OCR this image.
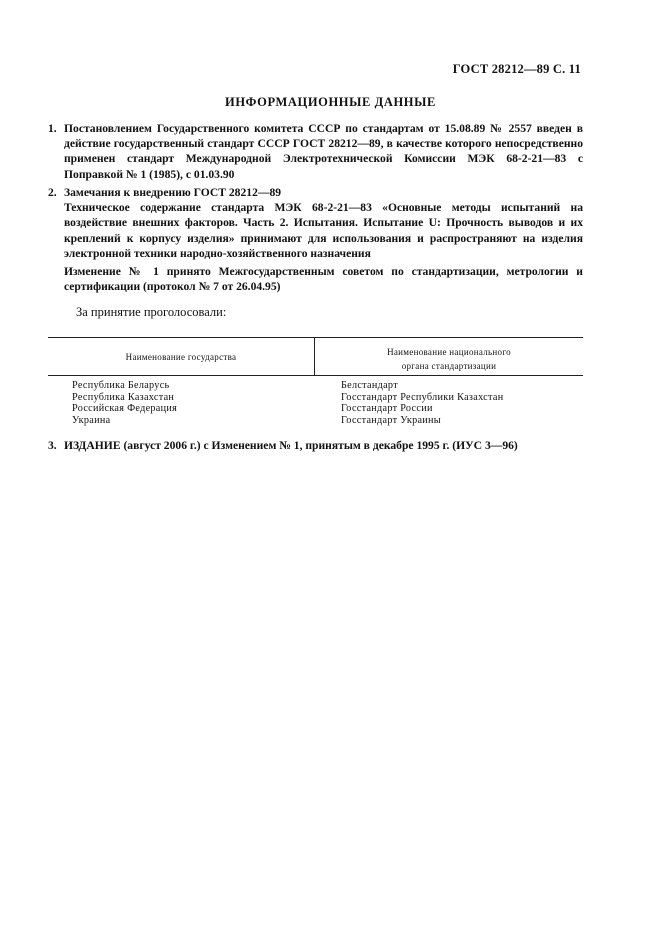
ГОСТ 28212—89 С. 11
ИНФОРМАЦИОННЫЕ ДАННЫЕ
1. Постановлением Государственного комитета СССР по стандартам от 15.08.89 № 2557 введен в действие государственный стандарт СССР ГОСТ 28212—89, в качестве которого непосредственно применен стандарт Международной Электротехнической Комиссии МЭК 68-2-21—83 с Поправкой № 1 (1985), с 01.03.90
2. Замечания к внедрению ГОСТ 28212—89
Техническое содержание стандарта МЭК 68-2-21—83 «Основные методы испытаний на воздействие внешних факторов. Часть 2. Испытания. Испытание U: Прочность выводов и их креплений к корпусу изделия» принимают для использования и распространяют на изделия электронной техники народно-хозяйственного назначения
Изменение № 1 принято Межгосударственным советом по стандартизации, метрологии и сертификации (протокол № 7 от 26.04.95)
За принятие проголосовали:
Наименование государства	Наименование национального
органа стандартизации
Республика Беларусь
Республика Казахстан
Российская Федерация
Украина
Белстандарт
Госстандарт Республики Казахстан
Госстандарт России
Госстандарт Украины
3. ИЗДАНИЕ (август 2006 г.) с Изменением № 1, принятым в декабре 1995 г. (ИУС 3—96)
